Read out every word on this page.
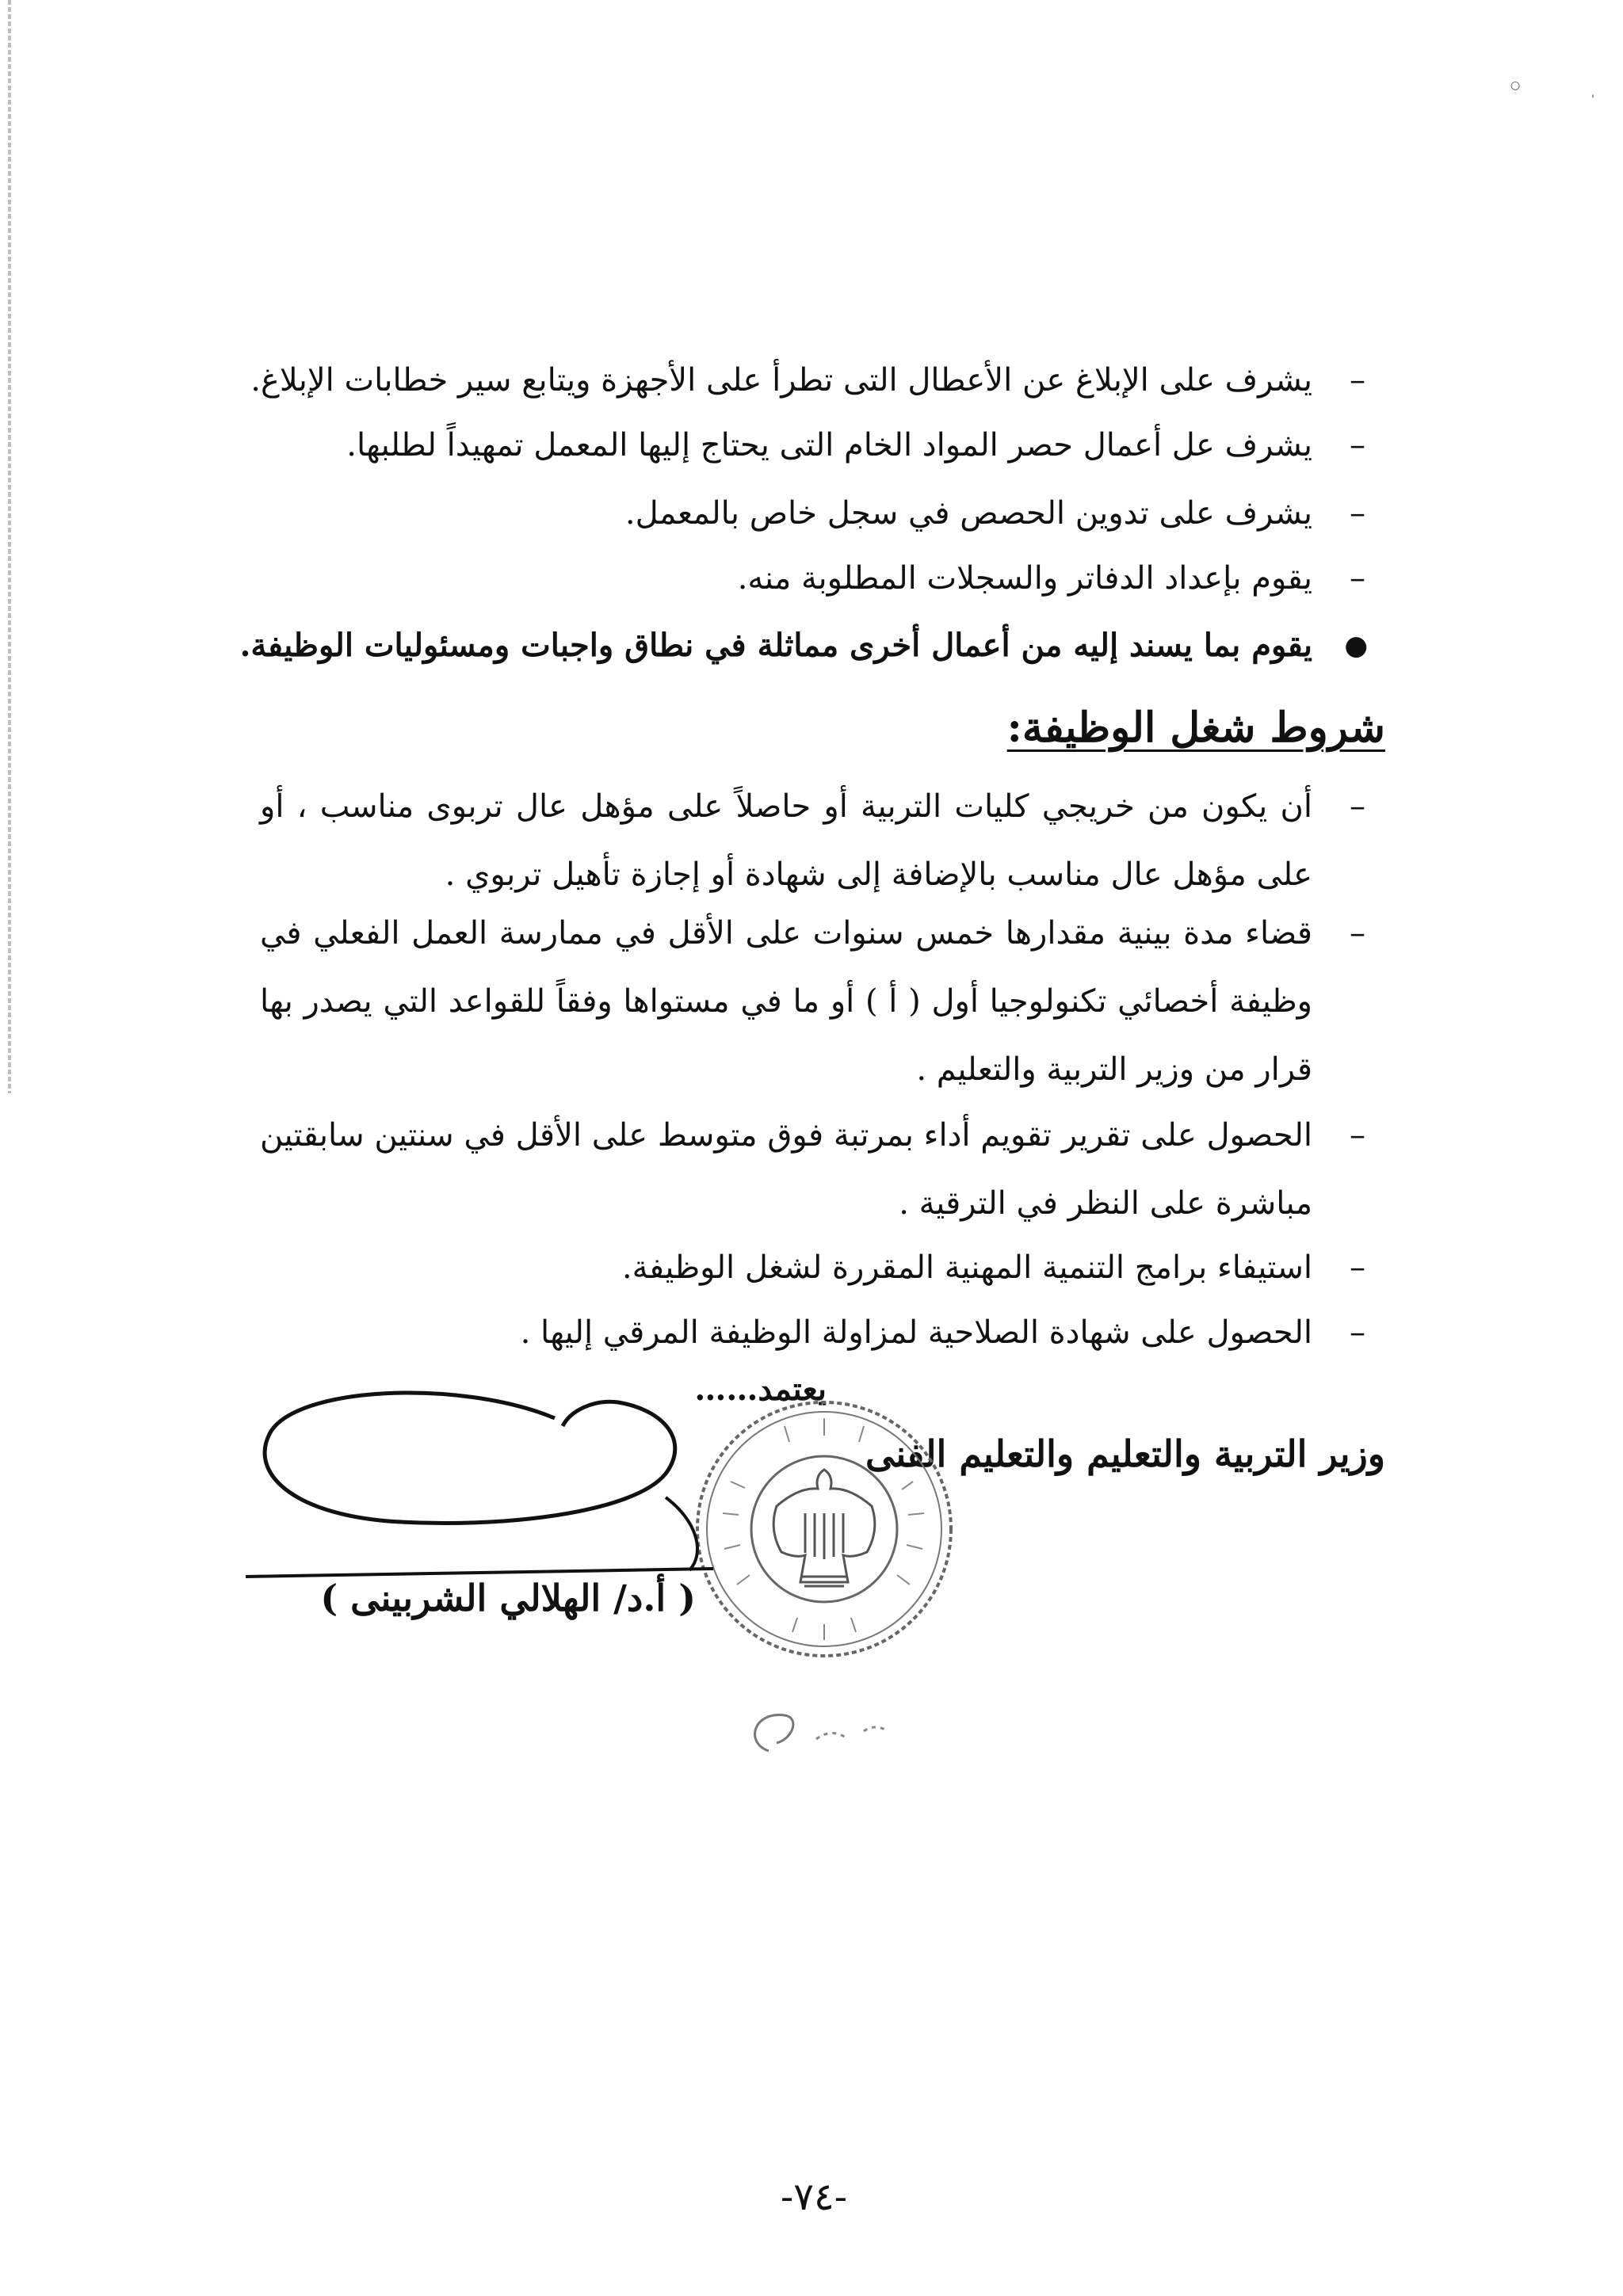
○
'
–
يشرف على الإبلاغ عن الأعطال التى تطرأ على الأجهزة ويتابع سير خطابات الإبلاغ.
–
يشرف عل أعمال حصر المواد الخام التى يحتاج إليها المعمل تمهيداً لطلبها.
–
يشرف على تدوين الحصص في سجل خاص بالمعمل.
–
يقوم بإعداد الدفاتر والسجلات المطلوبة منه.
●
يقوم بما يسند إليه من أعمال أخرى مماثلة في نطاق واجبات ومسئوليات الوظيفة.
شروط شغل الوظيفة:
–
أن يكون من خريجي كليات التربية أو حاصلاً على مؤهل عال تربوى مناسب ، أو على مؤهل عال مناسب بالإضافة إلى شهادة أو إجازة تأهيل تربوي .
–
قضاء مدة بينية مقدارها خمس سنوات على الأقل في ممارسة العمل الفعلي في وظيفة أخصائي تكنولوجيا أول ( أ ) أو ما في مستواها وفقاً للقواعد التي يصدر بها قرار من وزير التربية والتعليم .
–
الحصول على تقرير تقويم أداء بمرتبة فوق متوسط على الأقل في سنتين سابقتين مباشرة على النظر في الترقية .
–
استيفاء برامج التنمية المهنية المقررة لشغل الوظيفة.
–
الحصول على شهادة الصلاحية لمزاولة الوظيفة المرقي إليها .
يعتمد……
وزير التربية والتعليم والتعليم الفنى
( أ.د/ الهلالي الشربينى )
-٧٤-
